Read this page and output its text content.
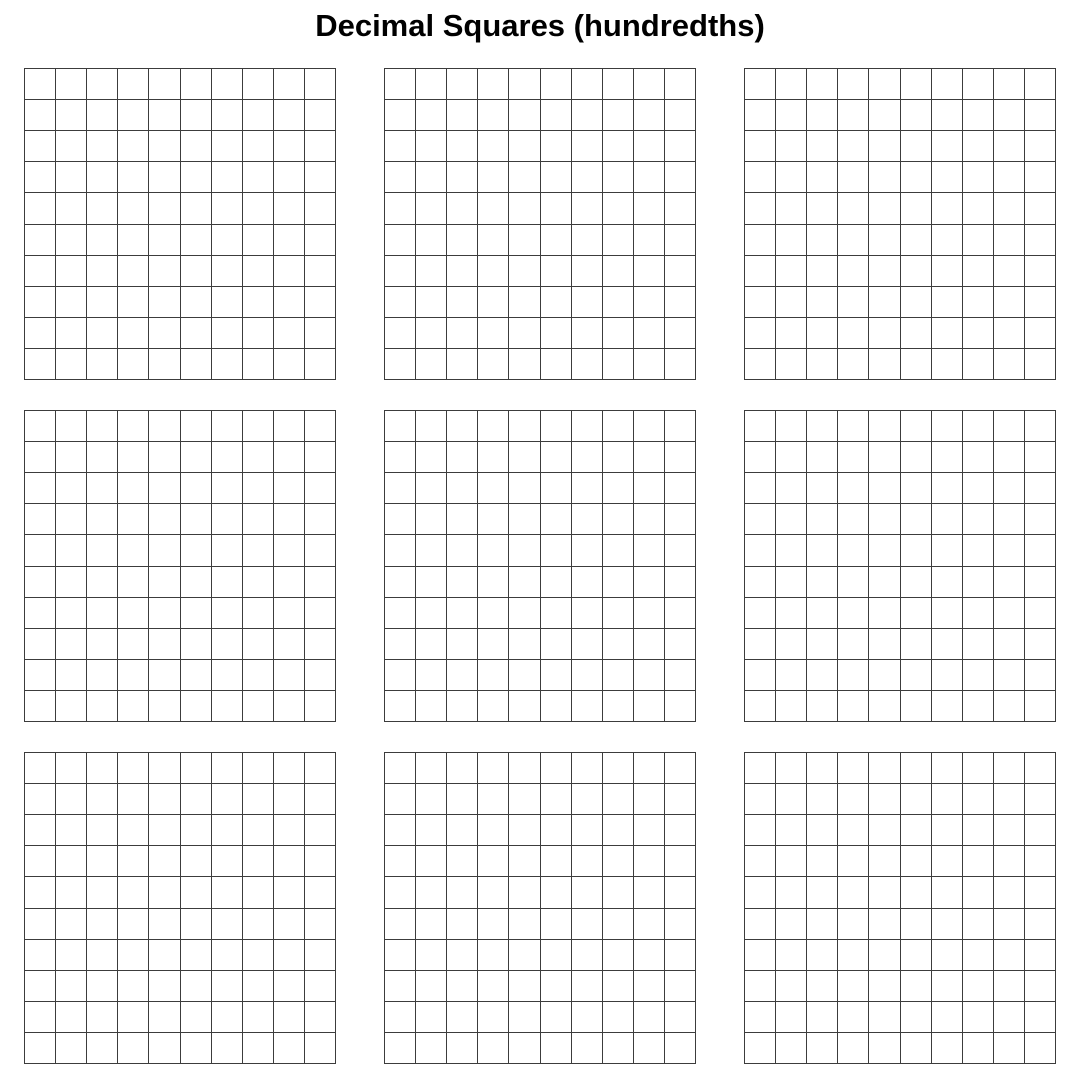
Decimal Squares (hundredths)
